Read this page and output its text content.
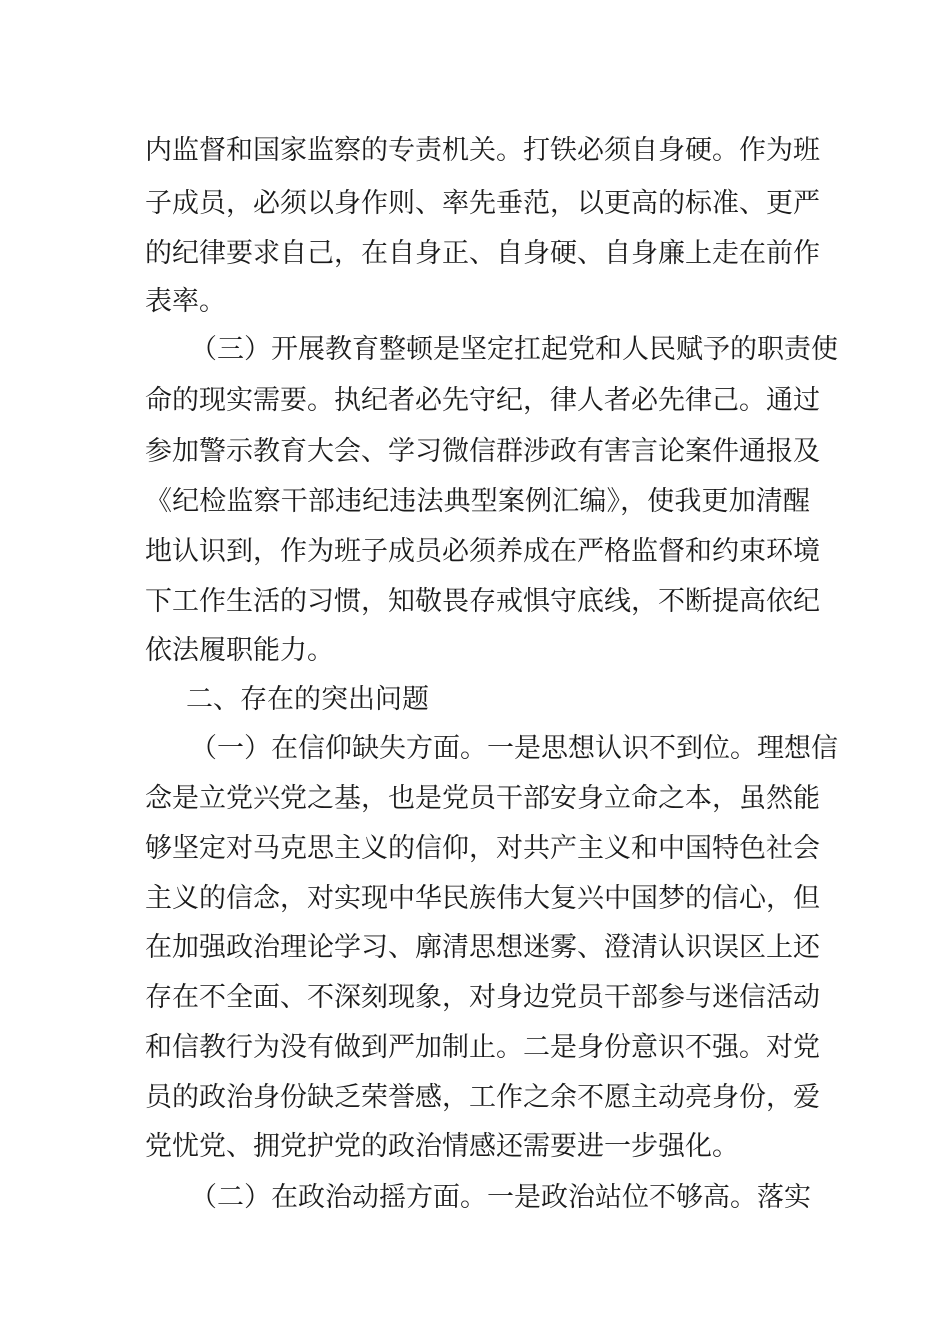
内监督和国家监察的专责机关。打铁必须自身硬。作为班
子成员，必须以身作则、率先垂范，以更高的标准、更严
的纪律要求自己，在自身正、自身硬、自身廉上走在前作
表率。
（三）开展教育整顿是坚定扛起党和人民赋予的职责使
命的现实需要。执纪者必先守纪，律人者必先律己。通过
参加警示教育大会、学习微信群涉政有害言论案件通报及
《纪检监察干部违纪违法典型案例汇编》，使我更加清醒
地认识到，作为班子成员必须养成在严格监督和约束环境
下工作生活的习惯，知敬畏存戒惧守底线，不断提高依纪
依法履职能力。
二、存在的突出问题
（一）在信仰缺失方面。一是思想认识不到位。理想信
念是立党兴党之基，也是党员干部安身立命之本，虽然能
够坚定对马克思主义的信仰，对共产主义和中国特色社会
主义的信念，对实现中华民族伟大复兴中国梦的信心，但
在加强政治理论学习、廓清思想迷雾、澄清认识误区上还
存在不全面、不深刻现象，对身边党员干部参与迷信活动
和信教行为没有做到严加制止。二是身份意识不强。对党
员的政治身份缺乏荣誉感，工作之余不愿主动亮身份，爱
党忧党、拥党护党的政治情感还需要进一步强化。
（二）在政治动摇方面。一是政治站位不够高。落实
